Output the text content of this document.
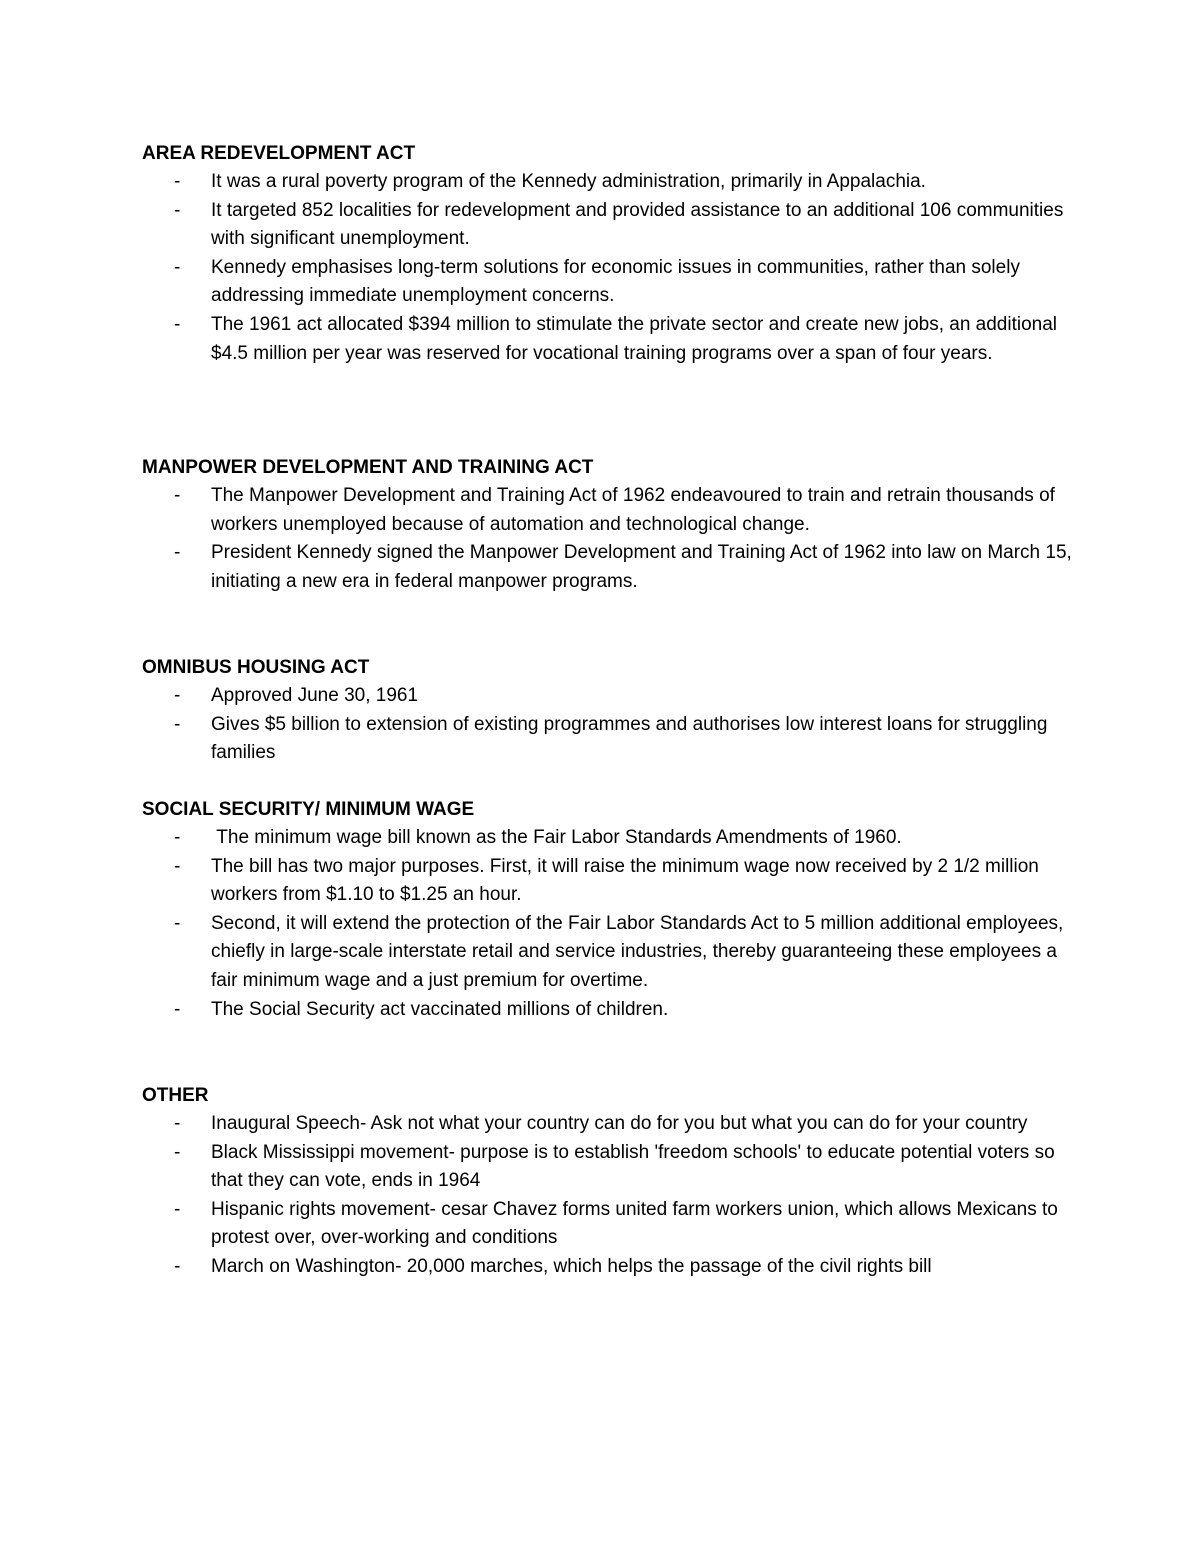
AREA REDEVELOPMENT ACT
- It was a rural poverty program of the Kennedy administration, primarily in Appalachia.
- It targeted 852 localities for redevelopment and provided assistance to an additional 106 communities with significant unemployment.
- Kennedy emphasises long-term solutions for economic issues in communities, rather than solely addressing immediate unemployment concerns.
- The 1961 act allocated $394 million to stimulate the private sector and create new jobs, an additional $4.5 million per year was reserved for vocational training programs over a span of four years.
MANPOWER DEVELOPMENT AND TRAINING ACT
- The Manpower Development and Training Act of 1962 endeavoured to train and retrain thousands of workers unemployed because of automation and technological change.
- President Kennedy signed the Manpower Development and Training Act of 1962 into law on March 15, initiating a new era in federal manpower programs.
OMNIBUS HOUSING ACT
- Approved June 30, 1961
- Gives $5 billion to extension of existing programmes and authorises low interest loans for struggling families
SOCIAL SECURITY/ MINIMUM WAGE
- The minimum wage bill known as the Fair Labor Standards Amendments of 1960.
- The bill has two major purposes. First, it will raise the minimum wage now received by 2 1/2 million workers from $1.10 to $1.25 an hour.
- Second, it will extend the protection of the Fair Labor Standards Act to 5 million additional employees, chiefly in large-scale interstate retail and service industries, thereby guaranteeing these employees a fair minimum wage and a just premium for overtime.
- The Social Security act vaccinated millions of children.
OTHER
- Inaugural Speech- Ask not what your country can do for you but what you can do for your country
- Black Mississippi movement- purpose is to establish 'freedom schools' to educate potential voters so that they can vote, ends in 1964
- Hispanic rights movement- cesar Chavez forms united farm workers union, which allows Mexicans to protest over, over-working and conditions
- March on Washington- 20,000 marches, which helps the passage of the civil rights bill
